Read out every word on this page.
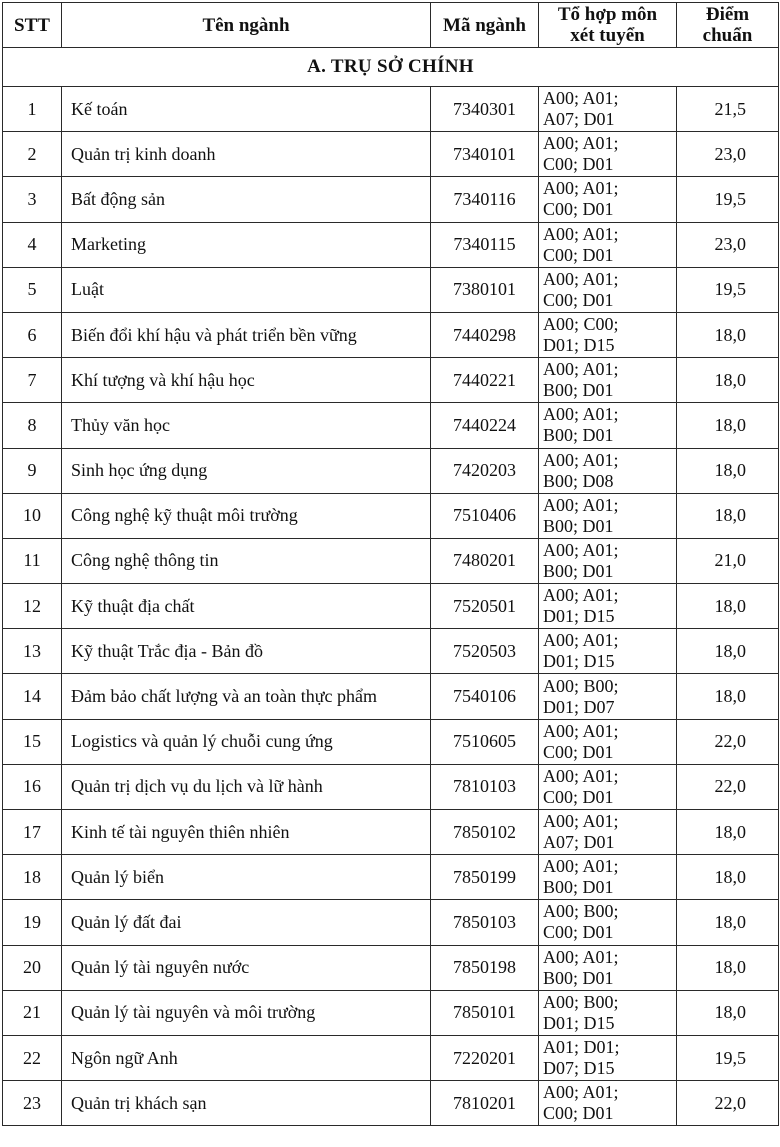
STT	Tên ngành	Mã ngành	Tổ hợp môn
xét tuyển	Điểm
chuẩn

A. TRỤ SỞ CHÍNH				
1	Kế toán	7340301	A00; A01;
A07; D01	21,5
2	Quản trị kinh doanh	7340101	A00; A01;
C00; D01	23,0
3	Bất động sản	7340116	A00; A01;
C00; D01	19,5
4	Marketing	7340115	A00; A01;
C00; D01	23,0
5	Luật	7380101	A00; A01;
C00; D01	19,5
6	Biến đổi khí hậu và phát triển bền vững	7440298	A00; C00;
D01; D15	18,0
7	Khí tượng và khí hậu học	7440221	A00; A01;
B00; D01	18,0
8	Thủy văn học	7440224	A00; A01;
B00; D01	18,0
9	Sinh học ứng dụng	7420203	A00; A01;
B00; D08	18,0
10	Công nghệ kỹ thuật môi trường	7510406	A00; A01;
B00; D01	18,0
11	Công nghệ thông tin	7480201	A00; A01;
B00; D01	21,0
12	Kỹ thuật địa chất	7520501	A00; A01;
D01; D15	18,0
13	Kỹ thuật Trắc địa - Bản đồ	7520503	A00; A01;
D01; D15	18,0
14	Đảm bảo chất lượng và an toàn thực phẩm	7540106	A00; B00;
D01; D07	18,0
15	Logistics và quản lý chuỗi cung ứng	7510605	A00; A01;
C00; D01	22,0
16	Quản trị dịch vụ du lịch và lữ hành	7810103	A00; A01;
C00; D01	22,0
17	Kinh tế tài nguyên thiên nhiên	7850102	A00; A01;
A07; D01	18,0
18	Quản lý biển	7850199	A00; A01;
B00; D01	18,0
19	Quản lý đất đai	7850103	A00; B00;
C00; D01	18,0
20	Quản lý tài nguyên nước	7850198	A00; A01;
B00; D01	18,0
21	Quản lý tài nguyên và môi trường	7850101	A00; B00;
D01; D15	18,0
22	Ngôn ngữ Anh	7220201	A01; D01;
D07; D15	19,5
23	Quản trị khách sạn	7810201	A00; A01;
C00; D01	22,0
